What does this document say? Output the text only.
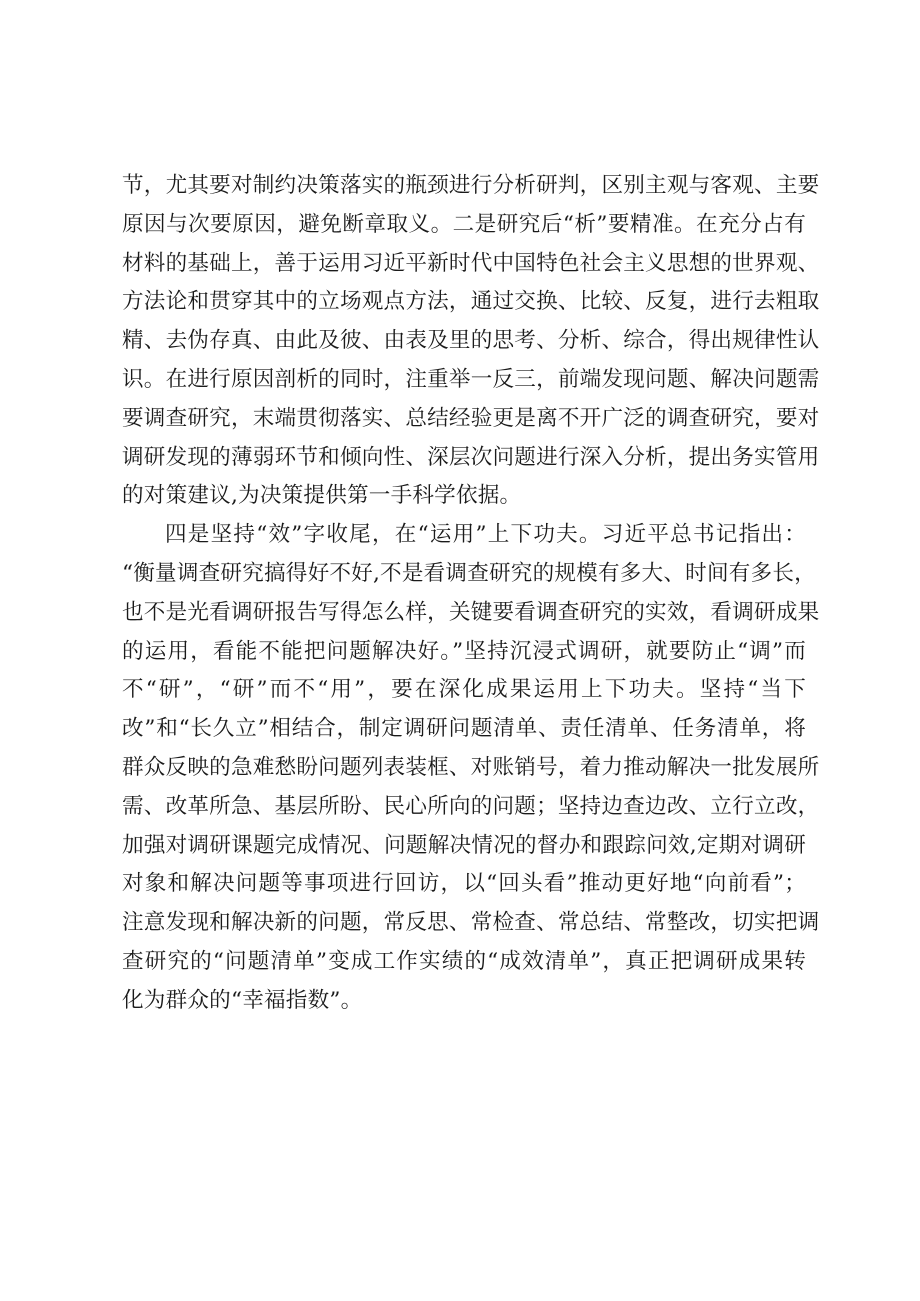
节，尤其要对制约决策落实的瓶颈进行分析研判，区别主观与客观、主要
原因与次要原因，避免断章取义。二是研究后“析”要精准。在充分占有
材料的基础上，善于运用习近平新时代中国特色社会主义思想的世界观、
方法论和贯穿其中的立场观点方法，通过交换、比较、反复，进行去粗取
精、去伪存真、由此及彼、由表及里的思考、分析、综合，得出规律性认
识。在进行原因剖析的同时，注重举一反三，前端发现问题、解决问题需
要调查研究，末端贯彻落实、总结经验更是离不开广泛的调查研究，要对
调研发现的薄弱环节和倾向性、深层次问题进行深入分析，提出务实管用
的对策建议,为决策提供第一手科学依据。
四是坚持“效”字收尾，在“运用”上下功夫。习近平总书记指出：
“衡量调查研究搞得好不好,不是看调查研究的规模有多大、时间有多长，
也不是光看调研报告写得怎么样，关键要看调查研究的实效，看调研成果
的运用，看能不能把问题解决好。”坚持沉浸式调研，就要防止“调”而
不“研”，“研”而不“用”，要在深化成果运用上下功夫。坚持“当下
改”和“长久立”相结合，制定调研问题清单、责任清单、任务清单，将
群众反映的急难愁盼问题列表装框、对账销号，着力推动解决一批发展所
需、改革所急、基层所盼、民心所向的问题；坚持边查边改、立行立改，
加强对调研课题完成情况、问题解决情况的督办和跟踪问效,定期对调研
对象和解决问题等事项进行回访，以“回头看”推动更好地“向前看”；
注意发现和解决新的问题，常反思、常检查、常总结、常整改，切实把调
查研究的“问题清单”变成工作实绩的“成效清单”，真正把调研成果转
化为群众的“幸福指数”。
